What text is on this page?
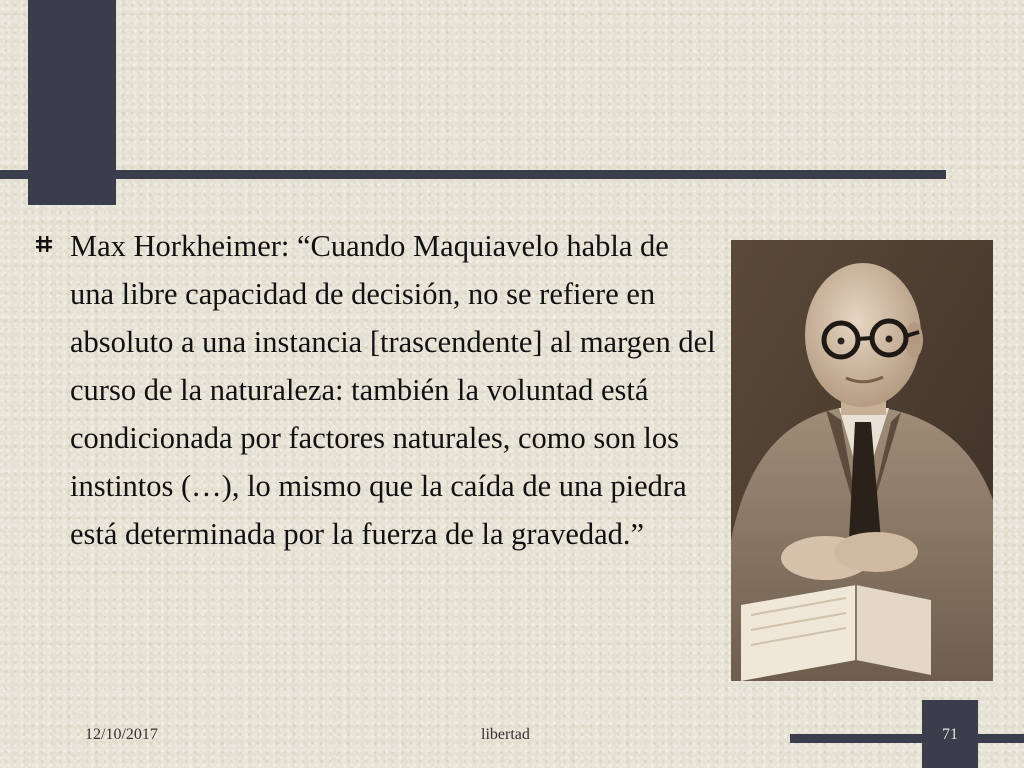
Max Horkheimer: “Cuando Maquiavelo habla de una libre capacidad de decisión, no se refiere en absoluto a una instancia [trascendente] al margen del curso de la naturaleza: también la voluntad está condicionada por factores naturales, como son los instintos (…), lo mismo que la caída de una piedra está determinada por la fuerza de la gravedad.”

12/10/2017	libertad	71
